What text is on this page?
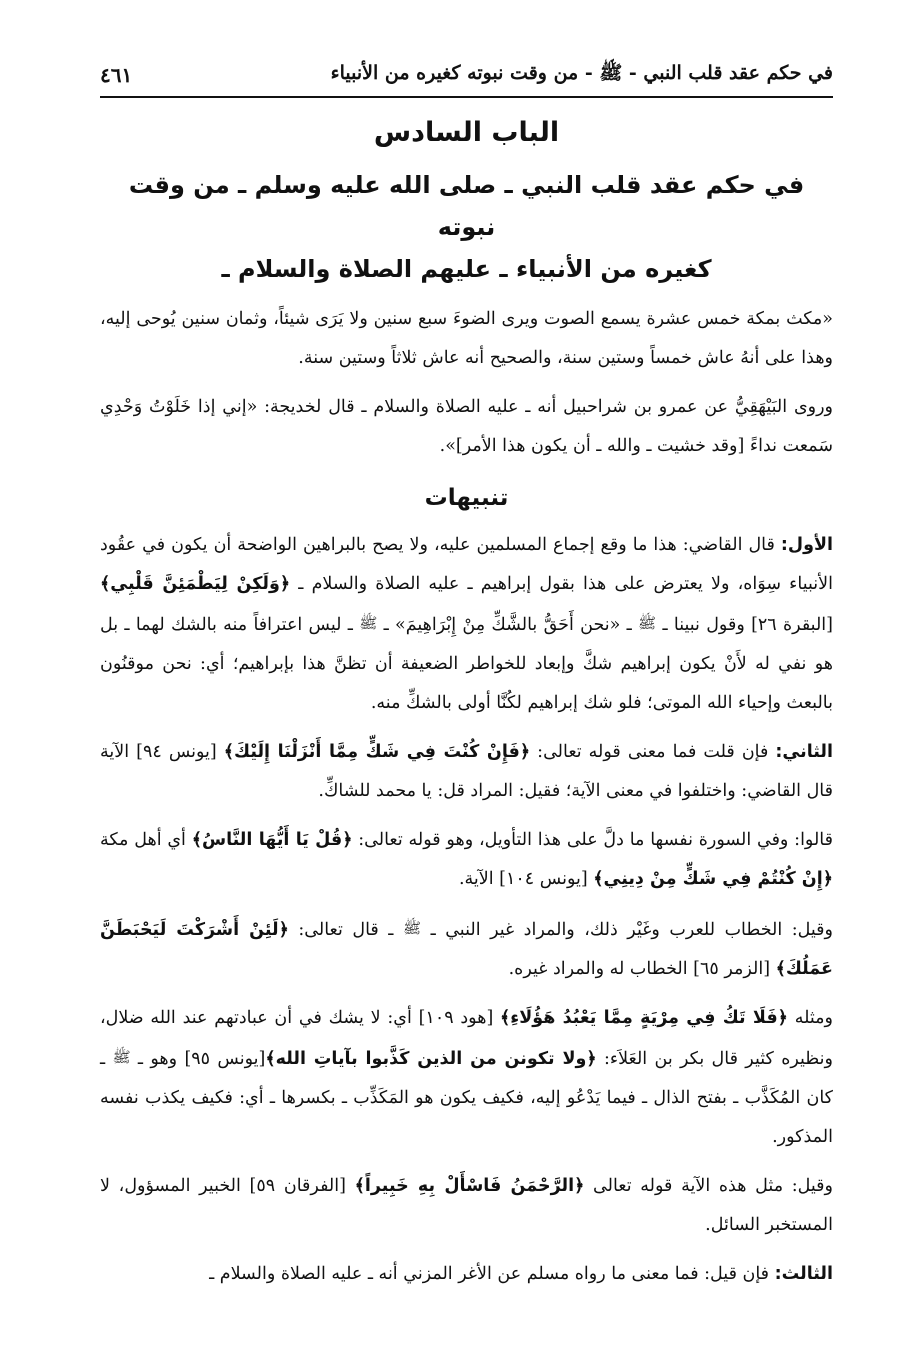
في حكم عقد قلب النبي - ﷺ - من وقت نبوته كغيره من الأنبياء
٤٦١
الباب السادس
في حكم عقد قلب النبي ـ صلى الله عليه وسلم ـ من وقت نبوته
كغيره من الأنبياء ـ عليهم الصلاة والسلام ـ

«مكث بمكة خمس عشرة يسمع الصوت ويرى الضوءَ سبع سنين ولا يَرَى شيئاً، وثمان سنين يُوحى إليه، وهذا على أنهُ عاش خمساً وستين سنة، والصحيح أنه عاش ثلاثاً وستين سنة.

وروى البَيْهَقِيُّ عن عمرو بن شراحبيل أنه ـ عليه الصلاة والسلام ـ قال لخديجة: «إني إذا خَلَوْتُ وَحْدِي سَمعت نداءً [وقد خشيت ـ والله ـ أن يكون هذا الأمر]».

تنبيهات

الأول: قال القاضي: هذا ما وقع إجماع المسلمين عليه، ولا يصح بالبراهين الواضحة أن يكون في عقُود الأنبياء سِوَاه، ولا يعترض على هذا بقول إبراهيم ـ عليه الصلاة والسلام ـ ﴿وَلَكِنْ لِيَطْمَئِنَّ قَلْبِي﴾ [البقرة ٢٦] وقول نبينا ـ ﷺ ـ «نحن أَحَقُّ بالشَّكِّ مِنْ إِبْرَاهِيمَ» ـ ﷺ ـ ليس اعترافاً منه بالشك لهما ـ بل هو نفي له لأَنْ يكون إبراهيم شكَّ وإبعاد للخواطر الضعيفة أن تظنَّ هذا بإبراهيم؛ أي: نحن موقنُون بالبعث وإحياء الله الموتى؛ فلو شك إبراهيم لكُنَّا أولى بالشكِّ منه.

الثاني: فإن قلت فما معنى قوله تعالى: ﴿فَإِنْ كُنْتَ فِي شَكٍّ مِمَّا أَنْزَلْنَا إِلَيْكَ﴾ [يونس ٩٤] الآية قال القاضي: واختلفوا في معنى الآية؛ فقيل: المراد قل: يا محمد للشاكِّ.

قالوا: وفي السورة نفسها ما دلَّ على هذا التأويل، وهو قوله تعالى: ﴿قُلْ يَا أَيُّهَا النَّاسُ﴾ أي أهل مكة ﴿إِنْ كُنْتُمْ فِي شَكٍّ مِنْ دِينِي﴾ [يونس ١٠٤] الآية.

وقيل: الخطاب للعرب وغَيْر ذلك، والمراد غير النبي ـ ﷺ ـ قال تعالى: ﴿لَئِنْ أَشْرَكْتَ لَيَحْبَطَنَّ عَمَلُكَ﴾ [الزمر ٦٥] الخطاب له والمراد غيره.

ومثله ﴿فَلَا تَكُ فِي مِرْيَةٍ مِمَّا يَعْبُدُ هَؤُلَاءِ﴾ [هود ١٠٩] أي: لا يشك في أن عبادتهم عند الله ضلال، ونظيره كثير قال بكر بن العَلاَء: ﴿ولا تكونن من الذين كَذَّبوا بآياتِ الله﴾[يونس ٩٥] وهو ـ ﷺ ـ كان المُكَذَّب ـ بفتح الذال ـ فيما يَدْعُو إليه، فكيف يكون هو المَكَذِّب ـ بكسرها ـ أي: فكيف يكذب نفسه المذكور.

وقيل: مثل هذه الآية قوله تعالى ﴿الرَّحْمَنُ فَاسْأَلْ بِهِ خَبِيراً﴾ [الفرقان ٥٩] الخبير المسؤول، لا المستخبر السائل.

الثالث: فإن قيل: فما معنى ما رواه مسلم عن الأغر المزني أنه ـ عليه الصلاة والسلام ـ
